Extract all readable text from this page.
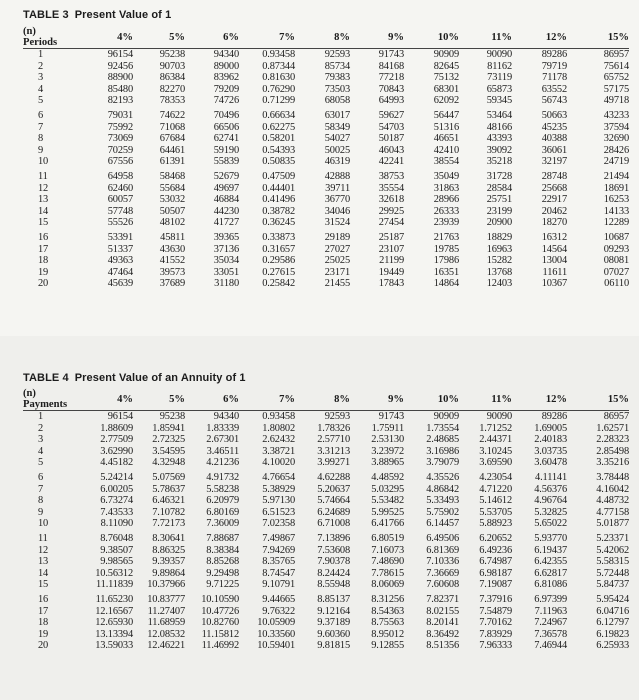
TABLE 3 Present Value of 1
TABLE 4 Present Value of an Annuity of 1
(n)
Periods	4%	5%	6%	7%	8%	9%	10%	11%	12%	15%
1	96154	95238	94340	0.93458	92593	91743	90909	90090	89286	86957
2	92456	90703	89000	0.87344	85734	84168	82645	81162	79719	75614
3	88900	86384	83962	0.81630	79383	77218	75132	73119	71178	65752
4	85480	82270	79209	0.76290	73503	70843	68301	65873	63552	57175
5	82193	78353	74726	0.71299	68058	64993	62092	59345	56743	49718
6	79031	74622	70496	0.66634	63017	59627	56447	53464	50663	43233
7	75992	71068	66506	0.62275	58349	54703	51316	48166	45235	37594
8	73069	67684	62741	0.58201	54027	50187	46651	43393	40388	32690
9	70259	64461	59190	0.54393	50025	46043	42410	39092	36061	28426
10	67556	61391	55839	0.50835	46319	42241	38554	35218	32197	24719
11	64958	58468	52679	0.47509	42888	38753	35049	31728	28748	21494
12	62460	55684	49697	0.44401	39711	35554	31863	28584	25668	18691
13	60057	53032	46884	0.41496	36770	32618	28966	25751	22917	16253
14	57748	50507	44230	0.38782	34046	29925	26333	23199	20462	14133
15	55526	48102	41727	0.36245	31524	27454	23939	20900	18270	12289
16	53391	45811	39365	0.33873	29189	25187	21763	18829	16312	10687
17	51337	43630	37136	0.31657	27027	23107	19785	16963	14564	09293
18	49363	41552	35034	0.29586	25025	21199	17986	15282	13004	08081
19	47464	39573	33051	0.27615	23171	19449	16351	13768	11611	07027
20	45639	37689	31180	0.25842	21455	17843	14864	12403	10367	06110
(n)
Payments	4%	5%	6%	7%	8%	9%	10%	11%	12%	15%
1	96154	95238	94340	0.93458	92593	91743	90909	90090	89286	86957
2	1.88609	1.85941	1.83339	1.80802	1.78326	1.75911	1.73554	1.71252	1.69005	1.62571
3	2.77509	2.72325	2.67301	2.62432	2.57710	2.53130	2.48685	2.44371	2.40183	2.28323
4	3.62990	3.54595	3.46511	3.38721	3.31213	3.23972	3.16986	3.10245	3.03735	2.85498
5	4.45182	4.32948	4.21236	4.10020	3.99271	3.88965	3.79079	3.69590	3.60478	3.35216
6	5.24214	5.07569	4.91732	4.76654	4.62288	4.48592	4.35526	4.23054	4.11141	3.78448
7	6.00205	5.78637	5.58238	5.38929	5.20637	5.03295	4.86842	4.71220	4.56376	4.16042
8	6.73274	6.46321	6.20979	5.97130	5.74664	5.53482	5.33493	5.14612	4.96764	4.48732
9	7.43533	7.10782	6.80169	6.51523	6.24689	5.99525	5.75902	5.53705	5.32825	4.77158
10	8.11090	7.72173	7.36009	7.02358	6.71008	6.41766	6.14457	5.88923	5.65022	5.01877
11	8.76048	8.30641	7.88687	7.49867	7.13896	6.80519	6.49506	6.20652	5.93770	5.23371
12	9.38507	8.86325	8.38384	7.94269	7.53608	7.16073	6.81369	6.49236	6.19437	5.42062
13	9.98565	9.39357	8.85268	8.35765	7.90378	7.48690	7.10336	6.74987	6.42355	5.58315
14	10.56312	9.89864	9.29498	8.74547	8.24424	7.78615	7.36669	6.98187	6.62817	5.72448
15	11.11839	10.37966	9.71225	9.10791	8.55948	8.06069	7.60608	7.19087	6.81086	5.84737
16	11.65230	10.83777	10.10590	9.44665	8.85137	8.31256	7.82371	7.37916	6.97399	5.95424
17	12.16567	11.27407	10.47726	9.76322	9.12164	8.54363	8.02155	7.54879	7.11963	6.04716
18	12.65930	11.68959	10.82760	10.05909	9.37189	8.75563	8.20141	7.70162	7.24967	6.12797
19	13.13394	12.08532	11.15812	10.33560	9.60360	8.95012	8.36492	7.83929	7.36578	6.19823
20	13.59033	12.46221	11.46992	10.59401	9.81815	9.12855	8.51356	7.96333	7.46944	6.25933
